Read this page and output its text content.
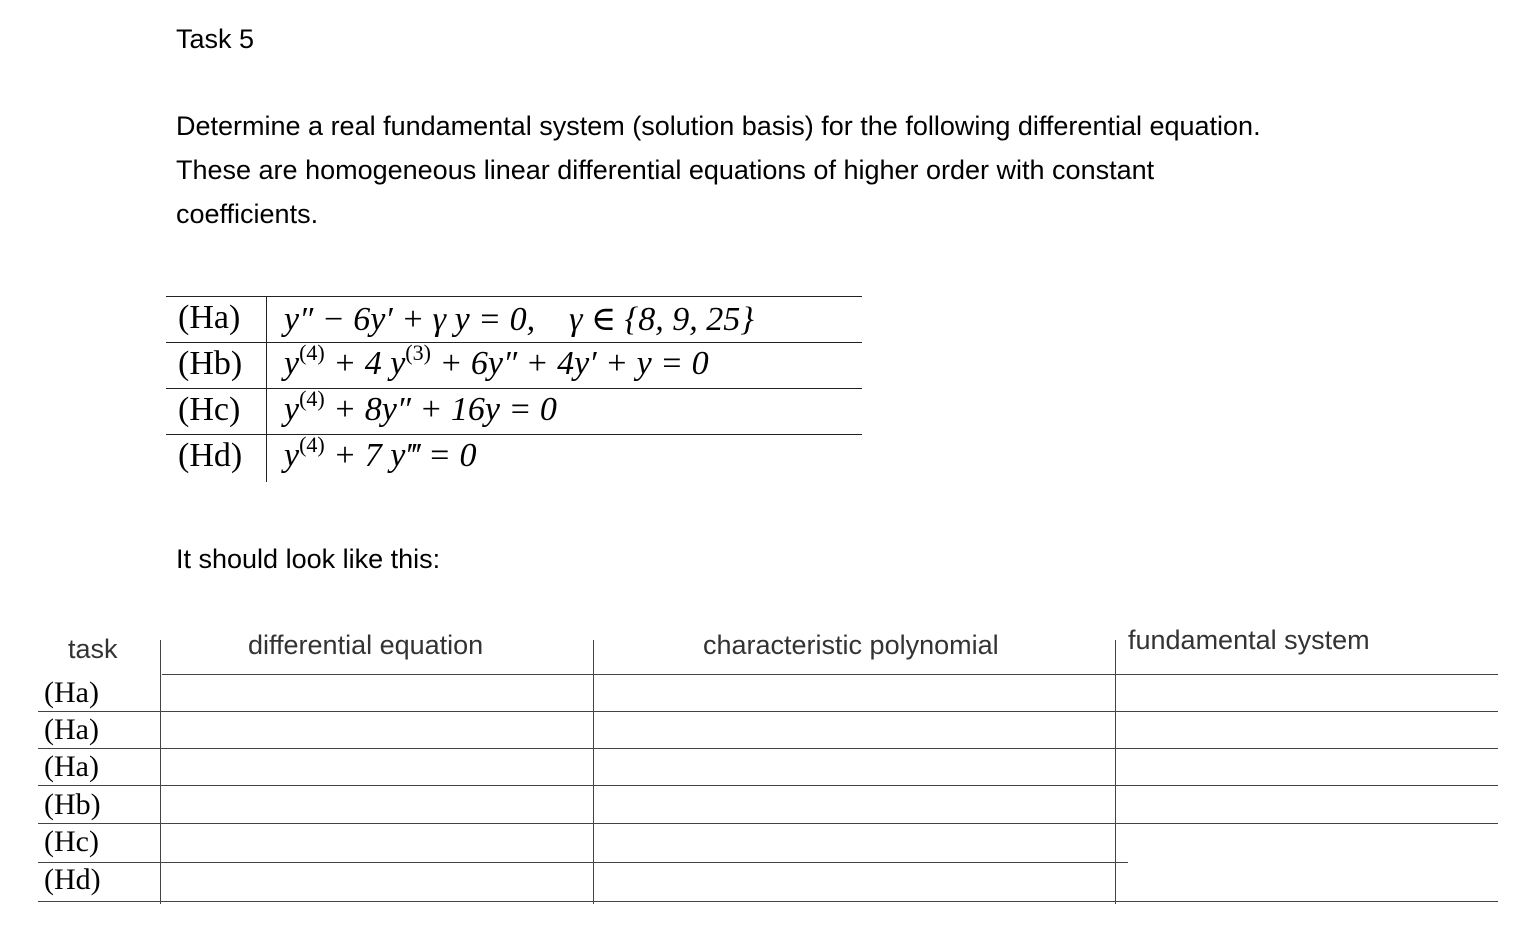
Task 5
Determine a real fundamental system (solution basis) for the following differential equation.
These are homogeneous linear differential equations of higher order with constant
coefficients.
(Ha) y″ − 6y′ + γ y = 0, γ ∈ {8, 9, 25}
(Hb) $y^{(4)} + 4$ $y^{(3)} + 6y'' + 4y' + y = 0$
(Hc) $y^{(4)} + 8y'' + 16y = 0$
(Hd) $y^{(4)} + 7$ y‴ = 0
It should look like this:
task	differential equation	characteristic polynomial	fundamental system
(Ha)
(Ha)
(Ha)
(Hb)
(Hc)
(Hd)
